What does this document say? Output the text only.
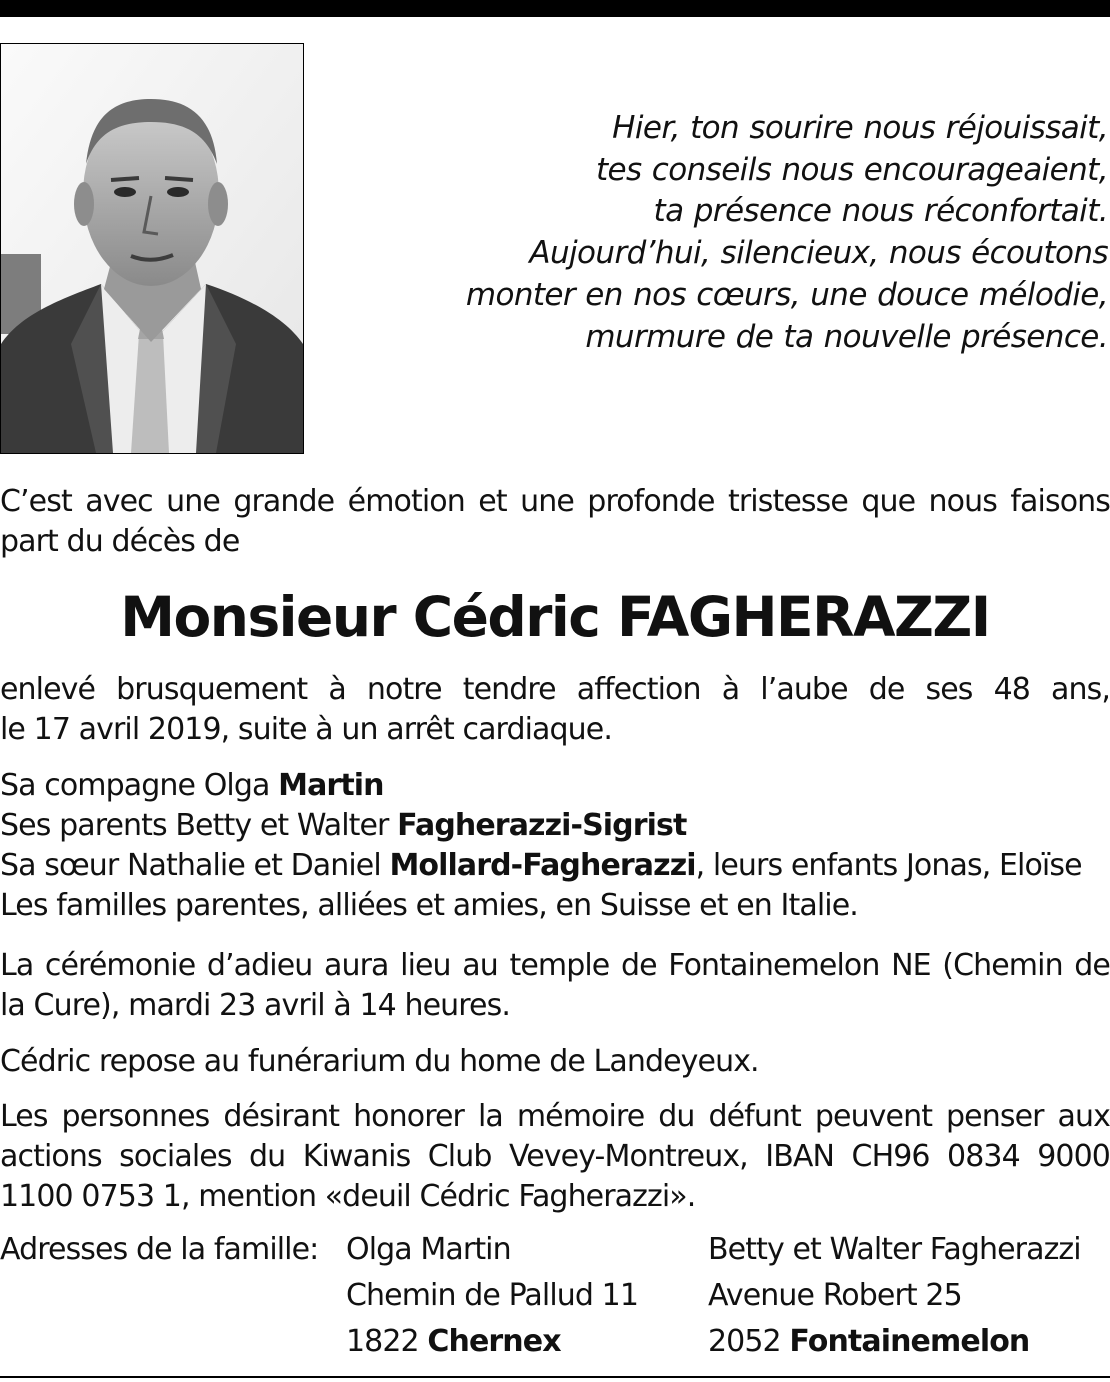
Hier, ton sourire nous réjouissait,
tes conseils nous encourageaient,
ta présence nous réconfortait.
Aujourd’hui, silencieux, nous écoutons
monter en nos cœurs, une douce mélodie,
murmure de ta nouvelle présence.
C’est avec une grande émotion et une profonde tristesse que nous faisons
part du décès de
Monsieur Cédric FAGHERAZZI
enlevé brusquement à notre tendre affection à l’aube de ses 48 ans,
le 17 avril 2019, suite à un arrêt cardiaque.
Sa compagne Olga Martin
Ses parents Betty et Walter Fagherazzi-Sigrist
Sa sœur Nathalie et Daniel Mollard-Fagherazzi, leurs enfants Jonas, Eloïse
Les familles parentes, alliées et amies, en Suisse et en Italie.
La cérémonie d’adieu aura lieu au temple de Fontainemelon NE (Chemin de
la Cure), mardi 23 avril à 14 heures.
Cédric repose au funérarium du home de Landeyeux.
Les personnes désirant honorer la mémoire du défunt peuvent penser aux
actions sociales du Kiwanis Club Vevey-Montreux, IBAN CH96 0834 9000
1100 0753 1, mention «deuil Cédric Fagherazzi».
Adresses de la famille: Olga Martin
Chemin de Pallud 11
1822 Chernex
Betty et Walter Fagherazzi
Avenue Robert 25
2052 Fontainemelon
